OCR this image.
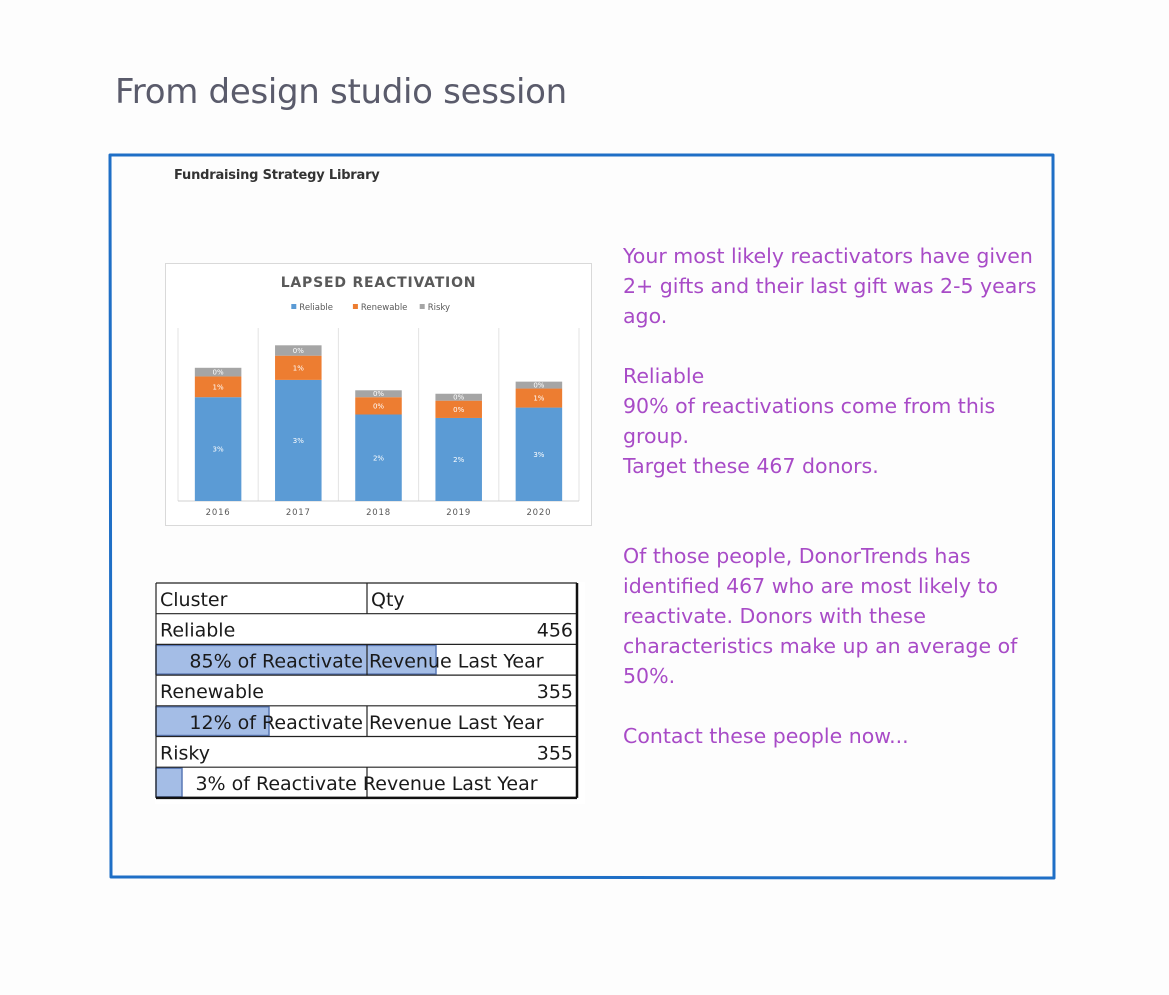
From design studio session
Fundraising Strategy Library
LAPSED REACTIVATION
Reliable	Renewable Risky
3%
1%
0%
2016
3%
1%
0%
2017
2%
0%
0%
2018
2%
0%
0%
2019
3%
1%
0%
2020
Cluster	Qty
Reliable	456
85% of Reactivate Revenue Last Year
Renewable	355
12% of Reactivate Revenue Last Year
Risky	355
3% of Reactivate Revenue Last Year

Your most likely reactivators have given 2+ gifts and their last gift was 2-5 years ago.

Reliable

90% of reactivations come from this group.

Target these 467 donors.

Of those people, DonorTrends has identified 467 who are most likely to reactivate. Donors with these characteristics make up an average of 50%.

Contact these people now...
